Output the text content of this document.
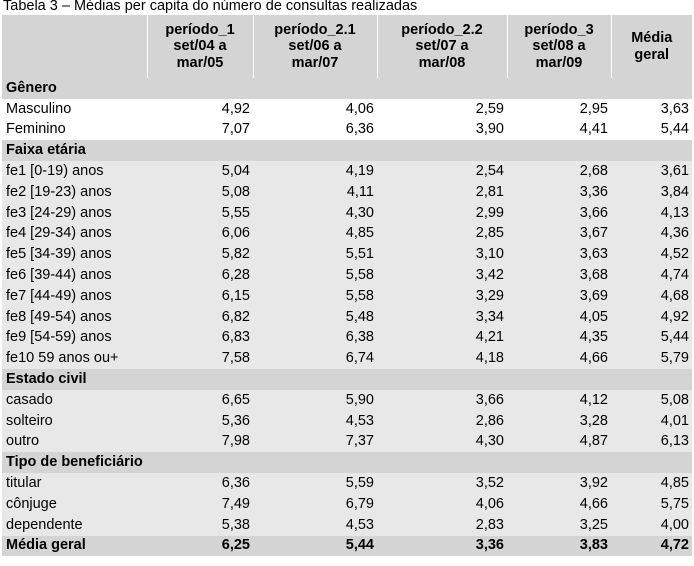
Tabela 3 – Médias per capita do número de consultas realizadas
	período_1
set/04 a
mar/05	período_2.1
set/06 a
mar/07	período_2.2
set/07 a
mar/08	período_3
set/08 a
mar/09	Média
geral
Gênero					
Masculino	4,92	4,06	2,59	2,95	3,63
Feminino	7,07	6,36	3,90	4,41	5,44
Faixa etária					
fe1 [0-19) anos	5,04	4,19	2,54	2,68	3,61
fe2 [19-23) anos	5,08	4,11	2,81	3,36	3,84
fe3 [24-29) anos	5,55	4,30	2,99	3,66	4,13
fe4 [29-34) anos	6,06	4,85	2,85	3,67	4,36
fe5 [34-39) anos	5,82	5,51	3,10	3,63	4,52
fe6 [39-44) anos	6,28	5,58	3,42	3,68	4,74
fe7 [44-49) anos	6,15	5,58	3,29	3,69	4,68
fe8 [49-54) anos	6,82	5,48	3,34	4,05	4,92
fe9 [54-59) anos	6,83	6,38	4,21	4,35	5,44
fe10 59 anos ou+	7,58	6,74	4,18	4,66	5,79
Estado civil					
casado	6,65	5,90	3,66	4,12	5,08
solteiro	5,36	4,53	2,86	3,28	4,01
outro	7,98	7,37	4,30	4,87	6,13
Tipo de beneficiário					
titular	6,36	5,59	3,52	3,92	4,85
cônjuge	7,49	6,79	4,06	4,66	5,75
dependente	5,38	4,53	2,83	3,25	4,00
Média geral	6,25	5,44	3,36	3,83	4,72
